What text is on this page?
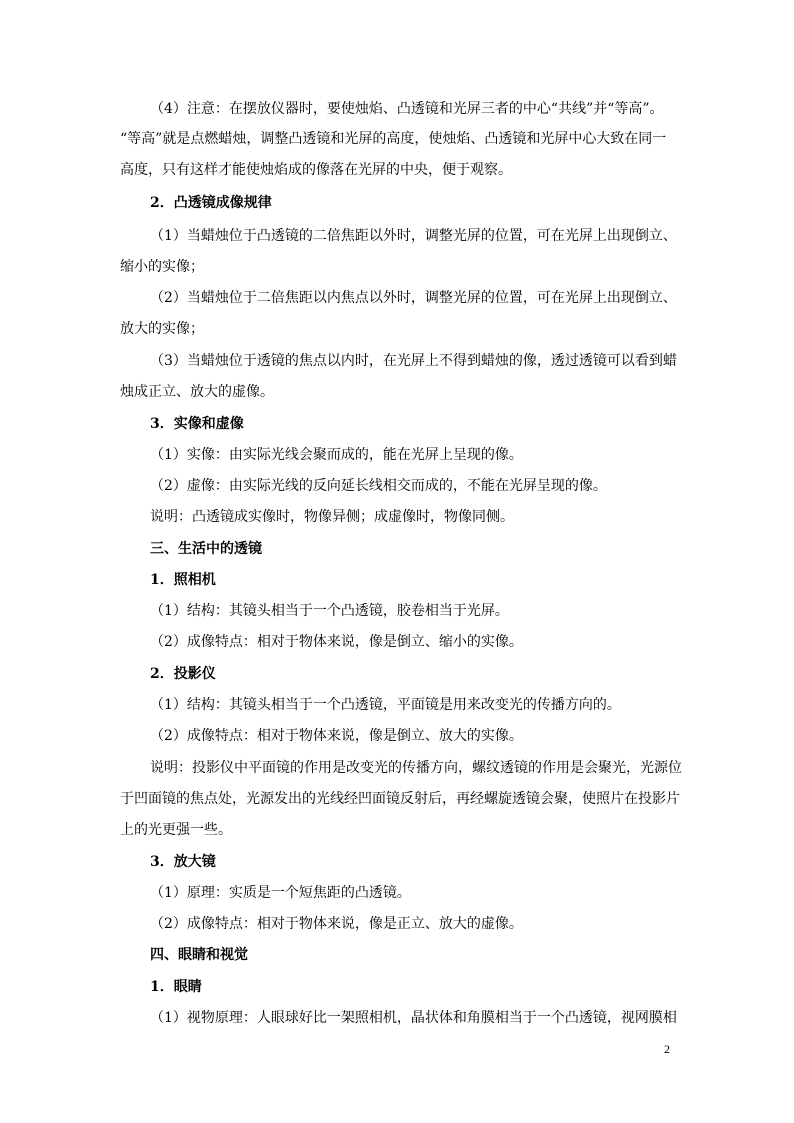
（4）注意：在摆放仪器时，要使烛焰、凸透镜和光屏三者的中心“共线”并“等高”。
“等高”就是点燃蜡烛，调整凸透镜和光屏的高度，使烛焰、凸透镜和光屏中心大致在同一
高度，只有这样才能使烛焰成的像落在光屏的中央，便于观察。
2．凸透镜成像规律
（1）当蜡烛位于凸透镜的二倍焦距以外时，调整光屏的位置，可在光屏上出现倒立、
缩小的实像；
（2）当蜡烛位于二倍焦距以内焦点以外时，调整光屏的位置，可在光屏上出现倒立、
放大的实像；
（3）当蜡烛位于透镜的焦点以内时，在光屏上不得到蜡烛的像，透过透镜可以看到蜡
烛成正立、放大的虚像。
3．实像和虚像
（1）实像：由实际光线会聚而成的，能在光屏上呈现的像。
（2）虚像：由实际光线的反向延长线相交而成的，不能在光屏呈现的像。
说明：凸透镜成实像时，物像异侧；成虚像时，物像同侧。
三、生活中的透镜
1．照相机
（1）结构：其镜头相当于一个凸透镜，胶卷相当于光屏。
（2）成像特点：相对于物体来说，像是倒立、缩小的实像。
2．投影仪
（1）结构：其镜头相当于一个凸透镜，平面镜是用来改变光的传播方向的。
（2）成像特点：相对于物体来说，像是倒立、放大的实像。
说明：投影仪中平面镜的作用是改变光的传播方向，螺纹透镜的作用是会聚光，光源位
于凹面镜的焦点处，光源发出的光线经凹面镜反射后，再经螺旋透镜会聚，使照片在投影片
上的光更强一些。
3．放大镜
（1）原理：实质是一个短焦距的凸透镜。
（2）成像特点：相对于物体来说，像是正立、放大的虚像。
四、眼睛和视觉
1．眼睛
（1）视物原理：人眼球好比一架照相机，晶状体和角膜相当于一个凸透镜，视网膜相
2
